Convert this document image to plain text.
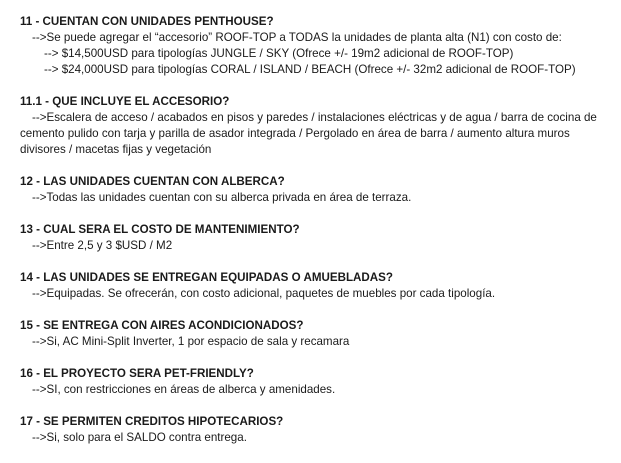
11 - CUENTAN CON UNIDADES PENTHOUSE?
-->Se puede agregar el “accesorio” ROOF-TOP a TODAS la unidades de planta alta (N1) con costo de:
--> $14,500USD para tipologías JUNGLE / SKY (Ofrece +/- 19m2 adicional de ROOF-TOP)
--> $24,000USD para tipologías CORAL / ISLAND / BEACH (Ofrece +/- 32m2 adicional de ROOF-TOP)
11.1 - QUE INCLUYE EL ACCESORIO?
-->Escalera de acceso / acabados en pisos y paredes / instalaciones eléctricas y de agua / barra de cocina de cemento pulido con tarja y parilla de asador integrada / Pergolado en área de barra / aumento altura muros divisores / macetas fijas y vegetación
12 - LAS UNIDADES CUENTAN CON ALBERCA?
-->Todas las unidades cuentan con su alberca privada en área de terraza.
13 - CUAL SERA EL COSTO DE MANTENIMIENTO?
-->Entre 2,5 y 3 $USD / M2
14 - LAS UNIDADES SE ENTREGAN EQUIPADAS O AMUEBLADAS?
-->Equipadas. Se ofrecerán, con costo adicional, paquetes de muebles por cada tipología.
15 - SE ENTREGA CON AIRES ACONDICIONADOS?
-->Si, AC Mini-Split Inverter, 1 por espacio de sala y recamara
16 - EL PROYECTO SERA PET-FRIENDLY?
-->SI, con restricciones en áreas de alberca y amenidades.
17 - SE PERMITEN CREDITOS HIPOTECARIOS?
-->Si, solo para el SALDO contra entrega.
